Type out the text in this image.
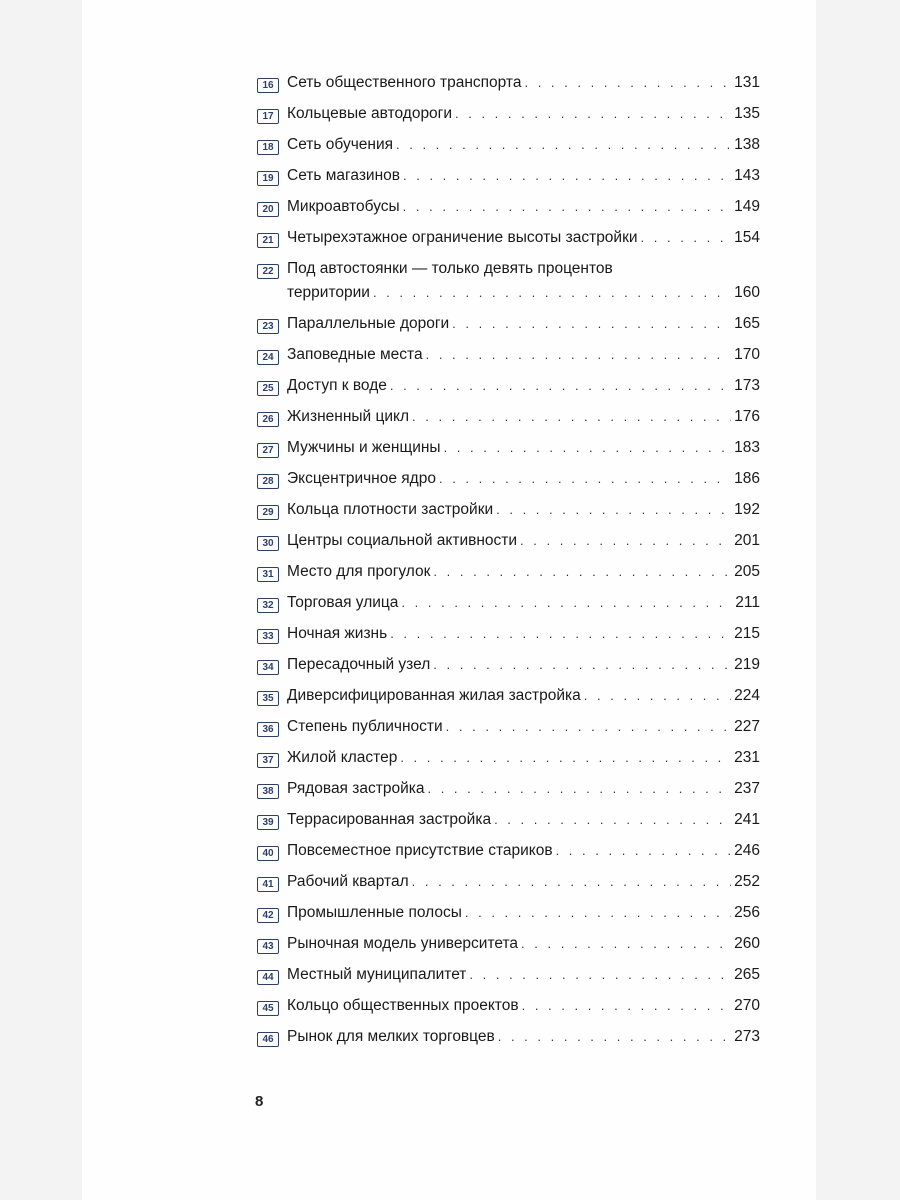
16 Сеть общественного транспорта . . .	131
17 Кольцевые автодороги . . .	135
18 Сеть обучения . . .	138
19 Сеть магазинов . . .	143
20 Микроавтобусы . . .	149
21 Четырехэтажное ограничение высоты застройки . . .	154
22 Под автостоянки — только девять процентов
территории . . .	160
23 Параллельные дороги . . .	165
24 Заповедные места . . .	170
25 Доступ к воде . . .	173
26 Жизненный цикл . . .	176
27 Мужчины и женщины . . .	183
28 Эксцентричное ядро . . .	186
29 Кольца плотности застройки . . .	192
30 Центры социальной активности . . .	201
31 Место для прогулок . . .	205
32 Торговая улица . . .	211
33 Ночная жизнь . . .	215
34 Пересадочный узел . . .	219
35 Диверсифицированная жилая застройка . . .	224
36 Степень публичности . . .	227
37 Жилой кластер . . .	231
38 Рядовая застройка . . .	237
39 Террасированная застройка . . .	241
40 Повсеместное присутствие стариков . . .	246
41 Рабочий квартал . . .	252
42 Промышленные полосы . . .	256
43 Рыночная модель университета . . .	260
44 Местный муниципалитет . . .	265
45 Кольцо общественных проектов . . .	270
46 Рынок для мелких торговцев . . .	273
8
